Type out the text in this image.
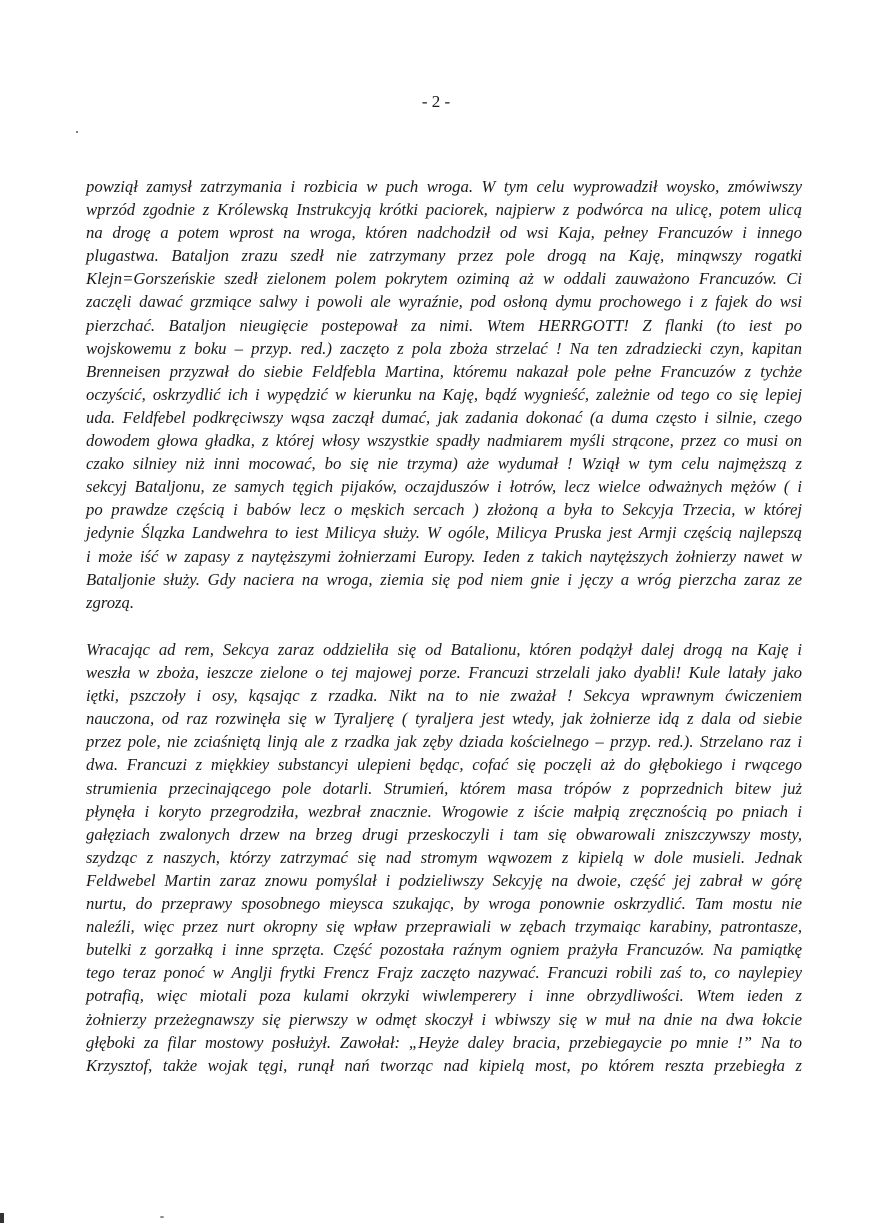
- 2 -

powziął zamysł zatrzymania i rozbicia w puch wroga. W tym celu wyprowadził woysko, zmówiwszy
wprzód zgodnie z Królewską Instrukcyją krótki paciorek, najpierw z podwórca na ulicę, potem ulicą
na drogę a potem wprost na wroga, któren nadchodził od wsi Kaja, pełney Francuzów i innego
plugastwa. Bataljon zrazu szedł nie zatrzymany przez pole drogą na Kaję, minąwszy rogatki
Klejn=Gorszeńskie szedł zielonem polem pokrytem oziminą aż w oddali zauważono Francuzów. Ci
zaczęli dawać grzmiące salwy i powoli ale wyraźnie, pod osłoną dymu prochowego i z fajek do wsi
pierzchać. Bataljon nieugięcie postepował za nimi. Wtem HERRGOTT! Z flanki (to iest po
wojskowemu z boku – przyp. red.) zaczęto z pola zboża strzelać ! Na ten zdradziecki czyn, kapitan
Brenneisen przyzwał do siebie Feldfebla Martina, któremu nakazał pole pełne Francuzów z tychże
oczyścić, oskrzydlić ich i wypędzić w kierunku na Kaję, bądź wygnieść, zależnie od tego co się lepiej
uda. Feldfebel podkręciwszy wąsa zaczął dumać, jak zadania dokonać (a duma często i silnie, czego
dowodem głowa gładka, z której włosy wszystkie spadły nadmiarem myśli strącone, przez co musi on
czako silniey niż inni mocować, bo się nie trzyma) aże wydumał ! Wziął w tym celu najmęższą z
sekcyj Bataljonu, ze samych tęgich pijaków, oczajduszów i łotrów, lecz wielce odważnych mężów ( i
po prawdze częścią i babów lecz o męskich sercach ) złożoną a była to Sekcyja Trzecia, w której
jedynie Ślązka Landwehra to iest Milicya służy. W ogóle, Milicya Pruska jest Armji częścią najlepszą
i może iść w zapasy z naytęższymi żołnierzami Europy. Ieden z takich naytęższych żołnierzy nawet w
Bataljonie służy. Gdy naciera na wroga, ziemia się pod niem gnie i jęczy a wróg pierzcha zaraz ze
zgrozą.

Wracając ad rem, Sekcya zaraz oddzieliła się od Batalionu, któren podążył dalej drogą na Kaję i
weszła w zboża, ieszcze zielone o tej majowej porze. Francuzi strzelali jako dyabli! Kule latały jako
iętki, pszczoły i osy, kąsając z rzadka. Nikt na to nie zważał ! Sekcya wprawnym ćwiczeniem
nauczona, od raz rozwinęła się w Tyraljerę ( tyraljera jest wtedy, jak żołnierze idą z dala od siebie
przez pole, nie zciaśniętą linją ale z rzadka jak zęby dziada kościelnego – przyp. red.). Strzelano raz i
dwa. Francuzi z miękkiey substancyi ulepieni będąc, cofać się poczęli aż do głębokiego i rwącego
strumienia przecinającego pole dotarli. Strumień, którem masa trópów z poprzednich bitew już
płynęła i koryto przegrodziła, wezbrał znacznie. Wrogowie z iście małpią zręcznością po pniach i
gałęziach zwalonych drzew na brzeg drugi przeskoczyli i tam się obwarowali zniszczywszy mosty,
szydząc z naszych, którzy zatrzymać się nad stromym wąwozem z kipielą w dole musieli. Jednak
Feldwebel Martin zaraz znowu pomyślał i podzieliwszy Sekcyję na dwoie, część jej zabrał w górę
nurtu, do przeprawy sposobnego mieysca szukając, by wroga ponownie oskrzydlić. Tam mostu nie
naleźli, więc przez nurt okropny się wpław przeprawiali w zębach trzymaiąc karabiny, patrontasze,
butelki z gorzałką i inne sprzęta. Część pozostała raźnym ogniem prażyła Francuzów. Na pamiątkę
tego teraz ponoć w Anglji frytki Frencz Frajz zaczęto nazywać. Francuzi robili zaś to, co naylepiey
potrafią, więc miotali poza kulami okrzyki wiwlemperery i inne obrzydliwości. Wtem ieden z
żołnierzy przeżegnawszy się pierwszy w odmęt skoczył i wbiwszy się w muł na dnie na dwa łokcie
głęboki za filar mostowy posłużył. Zawołał: „Heyże daley bracia, przebiegaycie po mnie !” Na to
Krzysztof, także wojak tęgi, runął nań tworząc nad kipielą most, po którem reszta przebiegła z
